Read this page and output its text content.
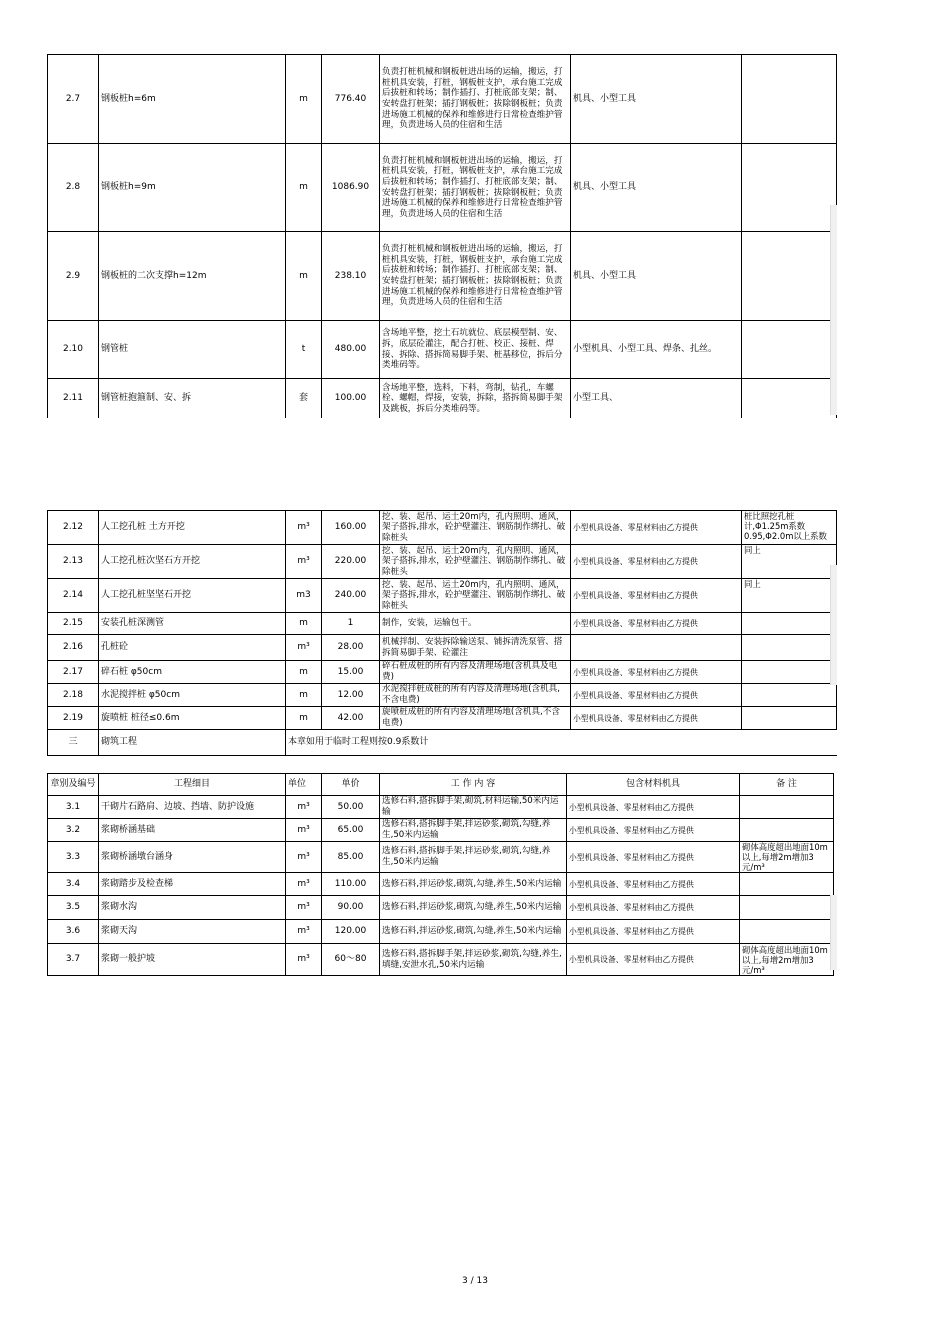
2.7	钢板桩h=6m	m	776.40	负责打桩机械和钢板桩进出场的运输，搬运，打桩机具安装，打桩，钢板桩支护，承台施工完成后拔桩和转场；制作插打、打桩底部支架；制、安转盘打桩架；插打钢板桩；拔除钢板桩；负责进场施工机械的保养和维修进行日常检查维护管理，负责进场人员的住宿和生活	机具、小型工具	
2.8	钢板桩h=9m	m	1086.90	负责打桩机械和钢板桩进出场的运输，搬运，打桩机具安装，打桩，钢板桩支护，承台施工完成后拔桩和转场；制作插打、打桩底部支架；制、安转盘打桩架；插打钢板桩；拔除钢板桩；负责进场施工机械的保养和维修进行日常检查维护管理，负责进场人员的住宿和生活	机具、小型工具	
2.9	钢板桩的二次支撑h=12m	m	238.10	负责打桩机械和钢板桩进出场的运输，搬运，打桩机具安装，打桩，钢板桩支护，承台施工完成后拔桩和转场；制作插打、打桩底部支架；制、安转盘打桩架；插打钢板桩；拔除钢板桩；负责进场施工机械的保养和维修进行日常检查维护管理，负责进场人员的住宿和生活	机具、小型工具	
2.10	钢管桩	t	480.00	含场地平整，挖土石坑就位、底层模型制、安、拆，底层砼灌注，配合打桩、校正、接桩、焊接、拆除、搭拆简易脚手架、桩基移位，拆后分类堆码等。	小型机具、小型工具、焊条、扎丝。	
2.11	钢管桩抱箍制、安、拆	套	100.00	含场地平整，选料，下料，弯制，钻孔，车螺栓、螺帽，焊接，安装，拆除，搭拆简易脚手架及跳板，拆后分类堆码等。	小型工具、	
2.12	人工挖孔桩 土方开挖	m³	160.00	挖、装、起吊、运土20m内，孔内照明、通风，架子搭拆,排水，砼护壁灌注、钢筋制作绑扎、破除桩头	小型机具设备、零星材料由乙方提供	桩比照挖孔桩计,Φ1.25m系数0.95,Φ2.0m以上系数
2.13	人工挖孔桩次坚石方开挖	m³	220.00	挖、装、起吊、运土20m内，孔内照明、通风，架子搭拆,排水，砼护壁灌注、钢筋制作绑扎、破除桩头	小型机具设备、零星材料由乙方提供	同上
2.14	人工挖孔桩坚坚石开挖	m3	240.00	挖、装、起吊、运土20m内，孔内照明、通风，架子搭拆,排水，砼护壁灌注、钢筋制作绑扎、破除桩头	小型机具设备、零星材料由乙方提供	同上
2.15	安装孔桩深测管	m	1	制作，安装，运输包干。	小型机具设备、零星材料由乙方提供	
2.16	孔桩砼	m³	28.00	机械拌制、安装拆除输送泵、铺拆清洗泵管、搭拆简易脚手架、砼灌注		
2.17	碎石桩 φ50cm	m	15.00	碎石桩成桩的所有内容及清理场地(含机具及电费)	小型机具设备、零星材料由乙方提供	
2.18	水泥搅拌桩 φ50cm	m	12.00	水泥搅拌桩成桩的所有内容及清理场地(含机具,不含电费)	小型机具设备、零星材料由乙方提供	
2.19	旋喷桩 桩径≤0.6m	m	42.00	旋喷桩成桩的所有内容及清理场地(含机具,不含电费)	小型机具设备、零星材料由乙方提供	
三	砌筑工程	本章如用于临时工程则按0.9系数计				
章别及编号	工程细目	单位	单价	工 作 内 容	包含材料机具	备 注
3.1	干砌片石路肩、边坡、挡墙、防护设施	m³	50.00	选修石料,搭拆脚手架,砌筑,材料运输,50米内运输	小型机具设备、零星材料由乙方提供	
3.2	浆砌桥涵基础	m³	65.00	选修石料,搭拆脚手架,拌运砂浆,砌筑,勾缝,养生,50米内运输	小型机具设备、零星材料由乙方提供	
3.3	浆砌桥涵墩台涵身	m³	85.00	选修石料,搭拆脚手架,拌运砂浆,砌筑,勾缝,养生,50米内运输	小型机具设备、零星材料由乙方提供	砌体高度超出地面10m以上,每增2m增加3元/m³
3.4	浆砌踏步及检查梯	m³	110.00	选修石料,拌运砂浆,砌筑,勾缝,养生,50米内运输	小型机具设备、零星材料由乙方提供	
3.5	浆砌水沟	m³	90.00	选修石料,拌运砂浆,砌筑,勾缝,养生,50米内运输	小型机具设备、零星材料由乙方提供	
3.6	浆砌天沟	m³	120.00	选修石料,拌运砂浆,砌筑,勾缝,养生,50米内运输	小型机具设备、零星材料由乙方提供	
3.7	浆砌一般护坡	m³	60～80	选修石料,搭拆脚手架,拌运砂浆,砌筑,勾缝,养生,填缝,安泄水孔,50米内运输	小型机具设备、零星材料由乙方提供	砌体高度超出地面10m以上,每增2m增加3元/m³
3 / 13
